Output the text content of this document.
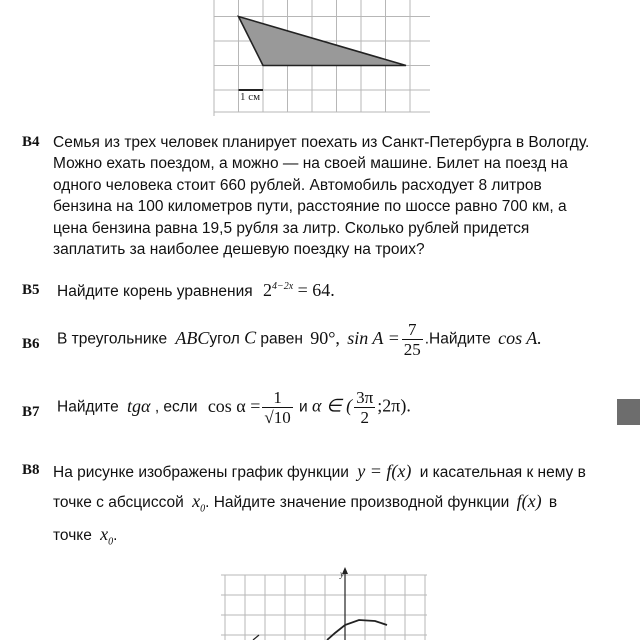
1 см
B4 Семья из трех человек планирует поехать из Санкт-Петербурга в Вологду.
Можно ехать поездом, а можно — на своей машине. Билет на поезд на
одного человека стоит 660 рублей. Автомобиль расходует 8 литров
бензина на 100 километров пути, расстояние по шоссе равно 700 км, а
цена бензина равна 19,5 рубля за литр. Сколько рублей придется
заплатить за наиболее дешевую поездку на троих?
B5 Найдите корень уравнения $2^{4-2x} = 64$.
B6 В треугольнике ABCугол C равен 90°, $\sin A = \frac{7}{25}$ .Найдите cos A.
B7 Найдите tgα , если $\cos \alpha = \frac{1}{√10}$ и α ∈ ( $\frac{3\pi}{2}$ ;2π).
B8 На рисунке изображены график функции y = f(x) и касательная к нему в
точке с абсциссой $x_0$. Найдите значение производной функции f(x) в
точке $x_0$.
y
